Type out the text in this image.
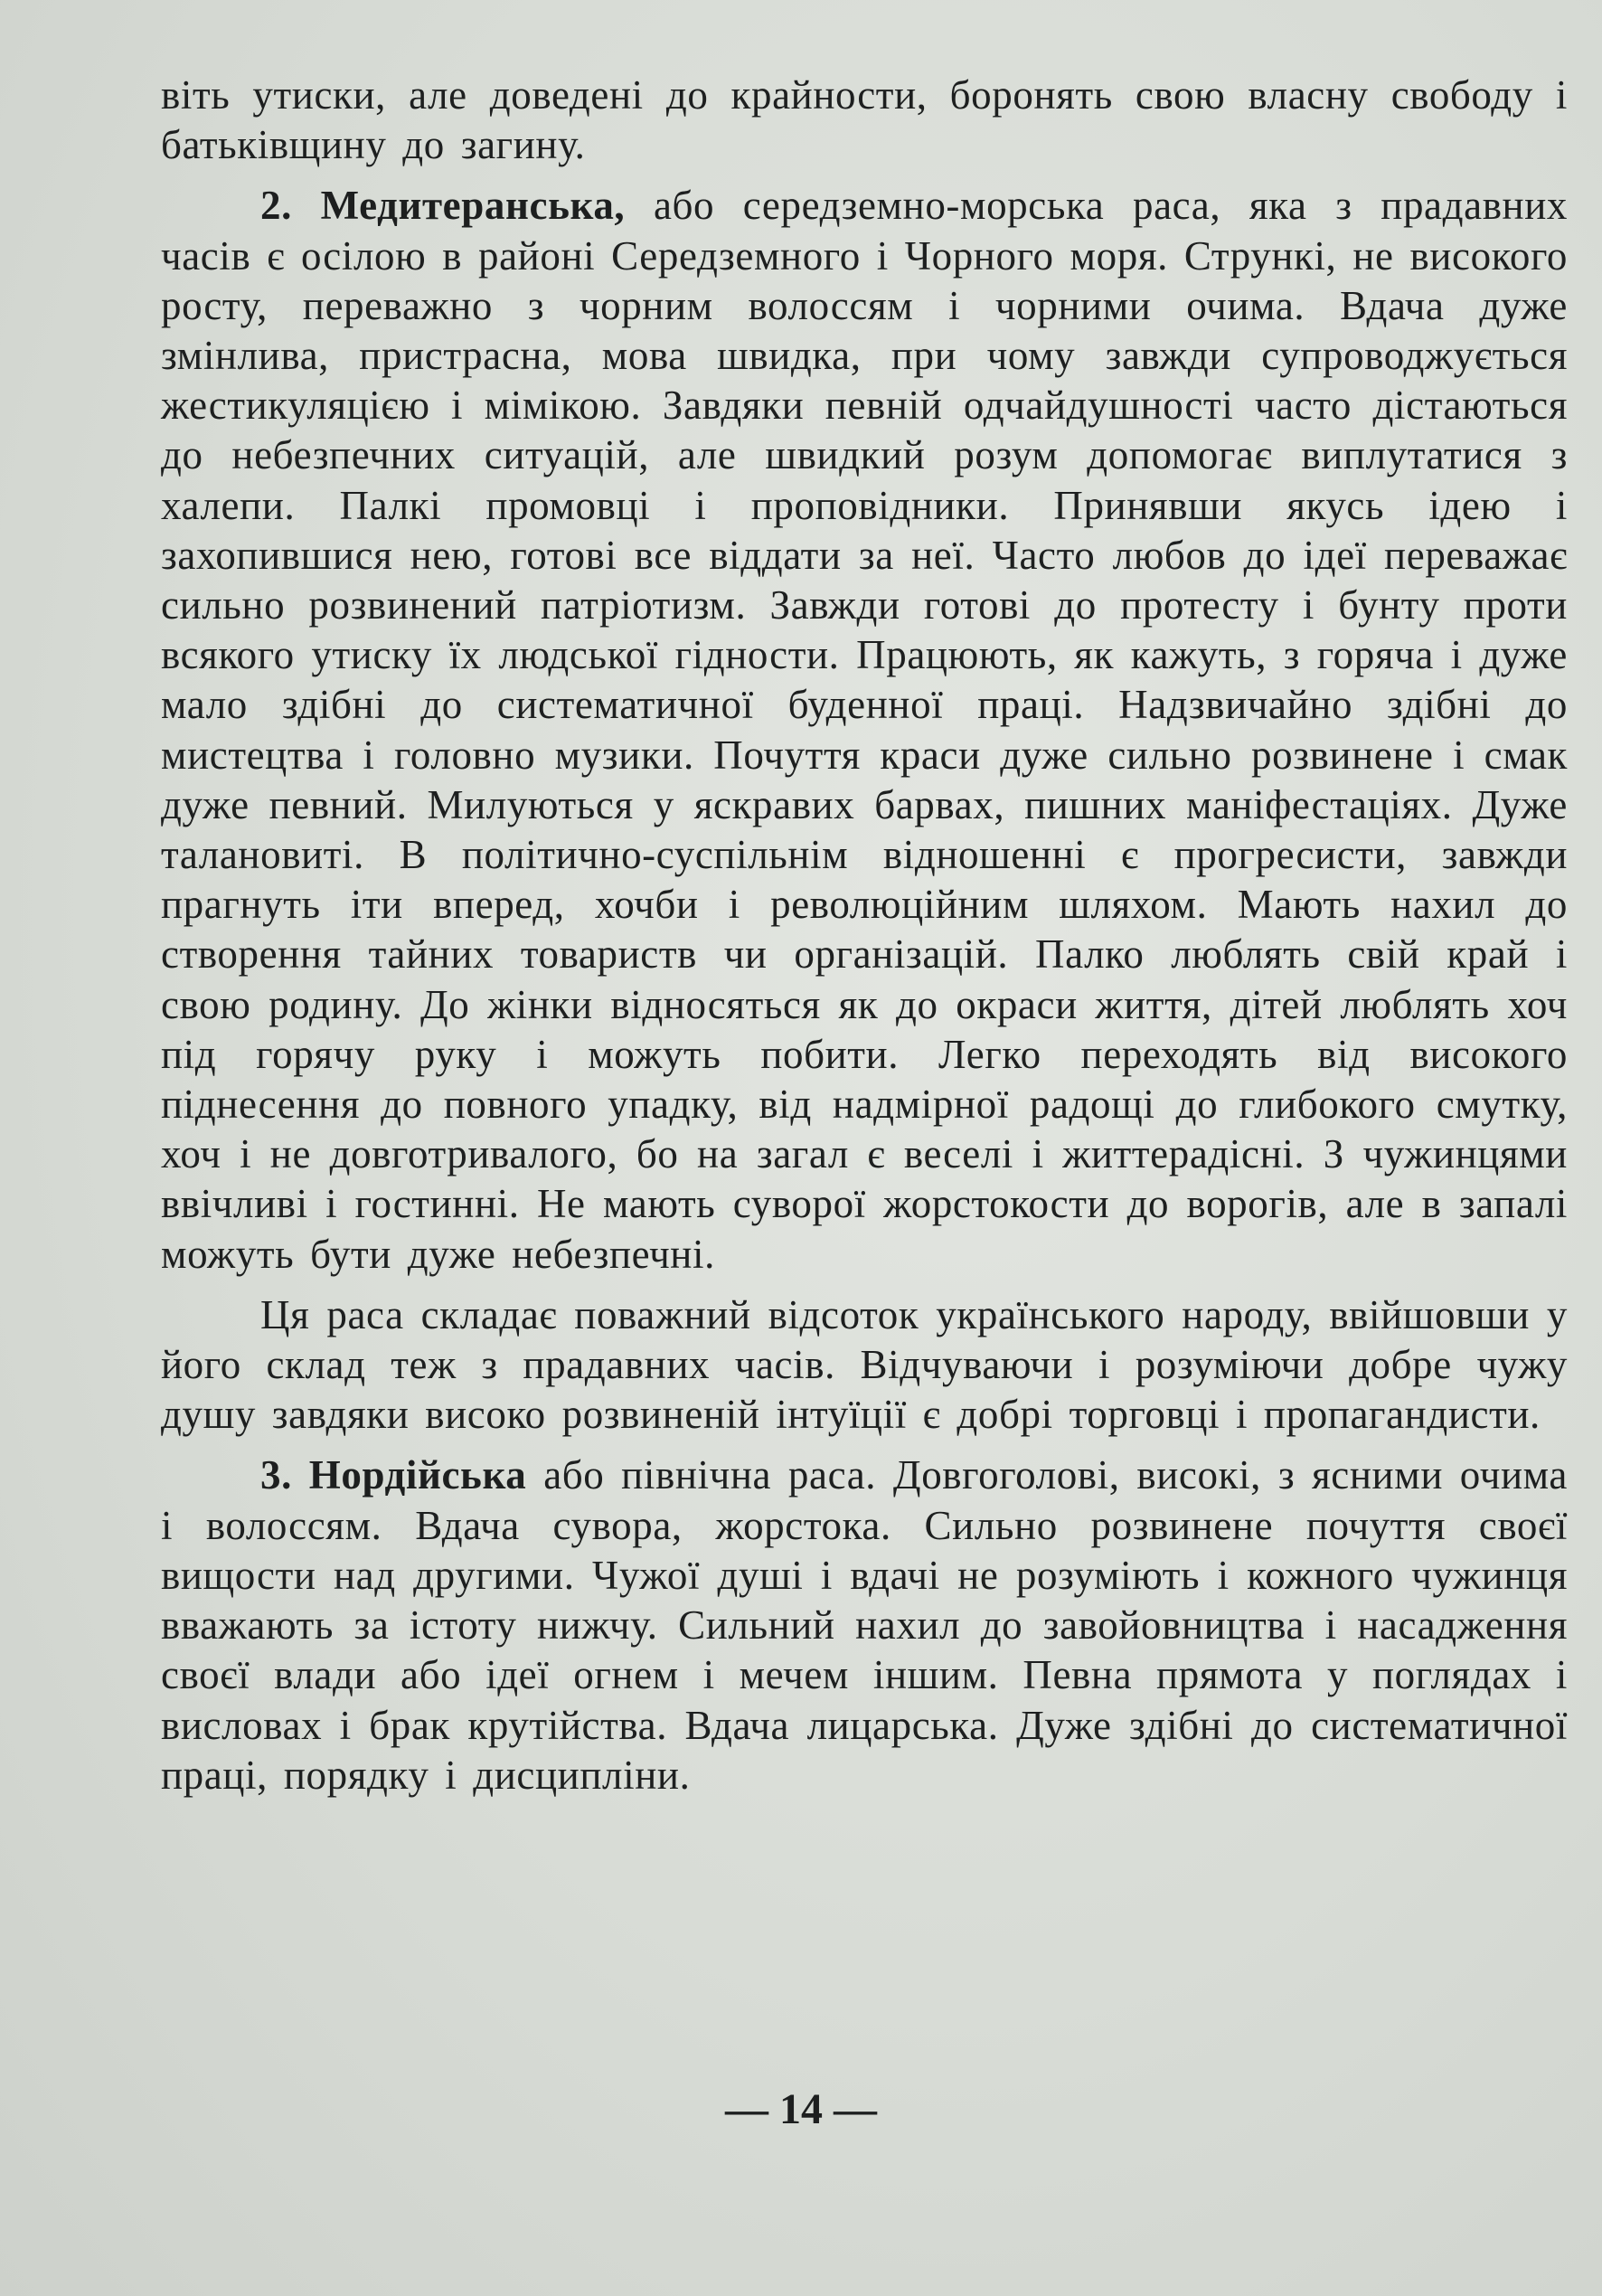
віть утиски, але доведені до крайности, боронять свою власну свободу і батьківщину до загину.

2. Медитеранська, або середземно-морська раса, яка з прадавних часів є осілою в районі Середземного і Чорного моря. Стрункі, не високого росту, переважно з чорним волоссям і чорними очима. Вдача дуже змінлива, пристрасна, мова швидка, при чому завжди супроводжується жестикуляцією і мімікою. Завдяки певній одчайдушності часто дістаються до небезпечних ситуацій, але швидкий розум допомогає виплутатися з халепи. Палкі промовці і проповідники. Принявши якусь ідею і захопившися нею, готові все віддати за неї. Часто любов до ідеї переважає сильно розвинений патріотизм. Завжди готові до протесту і бунту проти всякого утиску їх людської гідности. Працюють, як кажуть, з горяча і дуже мало здібні до систематичної буденної праці. Надзвичайно здібні до мистецтва і головно музики. Почуття краси дуже сильно розвинене і смак дуже певний. Милуються у яскравих барвах, пишних маніфестаціях. Дуже талановиті. В політично-суспільнім відношенні є прогресисти, завжди прагнуть іти вперед, хочби і революційним шляхом. Мають нахил до створення тайних товариств чи організацій. Палко люблять свій край і свою родину. До жінки відносяться як до окраси життя, дітей люблять хоч під горячу руку і можуть побити. Легко переходять від високого піднесення до повного упадку, від надмірної радощі до глибокого смутку, хоч і не довготривалого, бо на загал є веселі і життерадісні. З чужинцями ввічливі і гостинні. Не мають суворої жорстокости до ворогів, але в запалі можуть бути дуже небезпечні.

Ця раса складає поважний відсоток українського народу, ввійшовши у його склад теж з прадавних часів. Відчуваючи і розуміючи добре чужу душу завдяки високо розвиненій інтуїції є добрі торговці і пропагандисти.

3. Нордійська або північна раса. Довгоголові, високі, з ясними очима і волоссям. Вдача сувора, жорстока. Сильно розвинене почуття своєї вищости над другими. Чужої душі і вдачі не розуміють і кожного чужинця вважають за істоту нижчу. Сильний нахил до завойовництва і насадження своєї влади або ідеї огнем і мечем іншим. Певна прямота у поглядах і висловах і брак крутійства. Вдача лицарська. Дуже здібні до систематичної праці, порядку і дисципліни.

— 14 —
